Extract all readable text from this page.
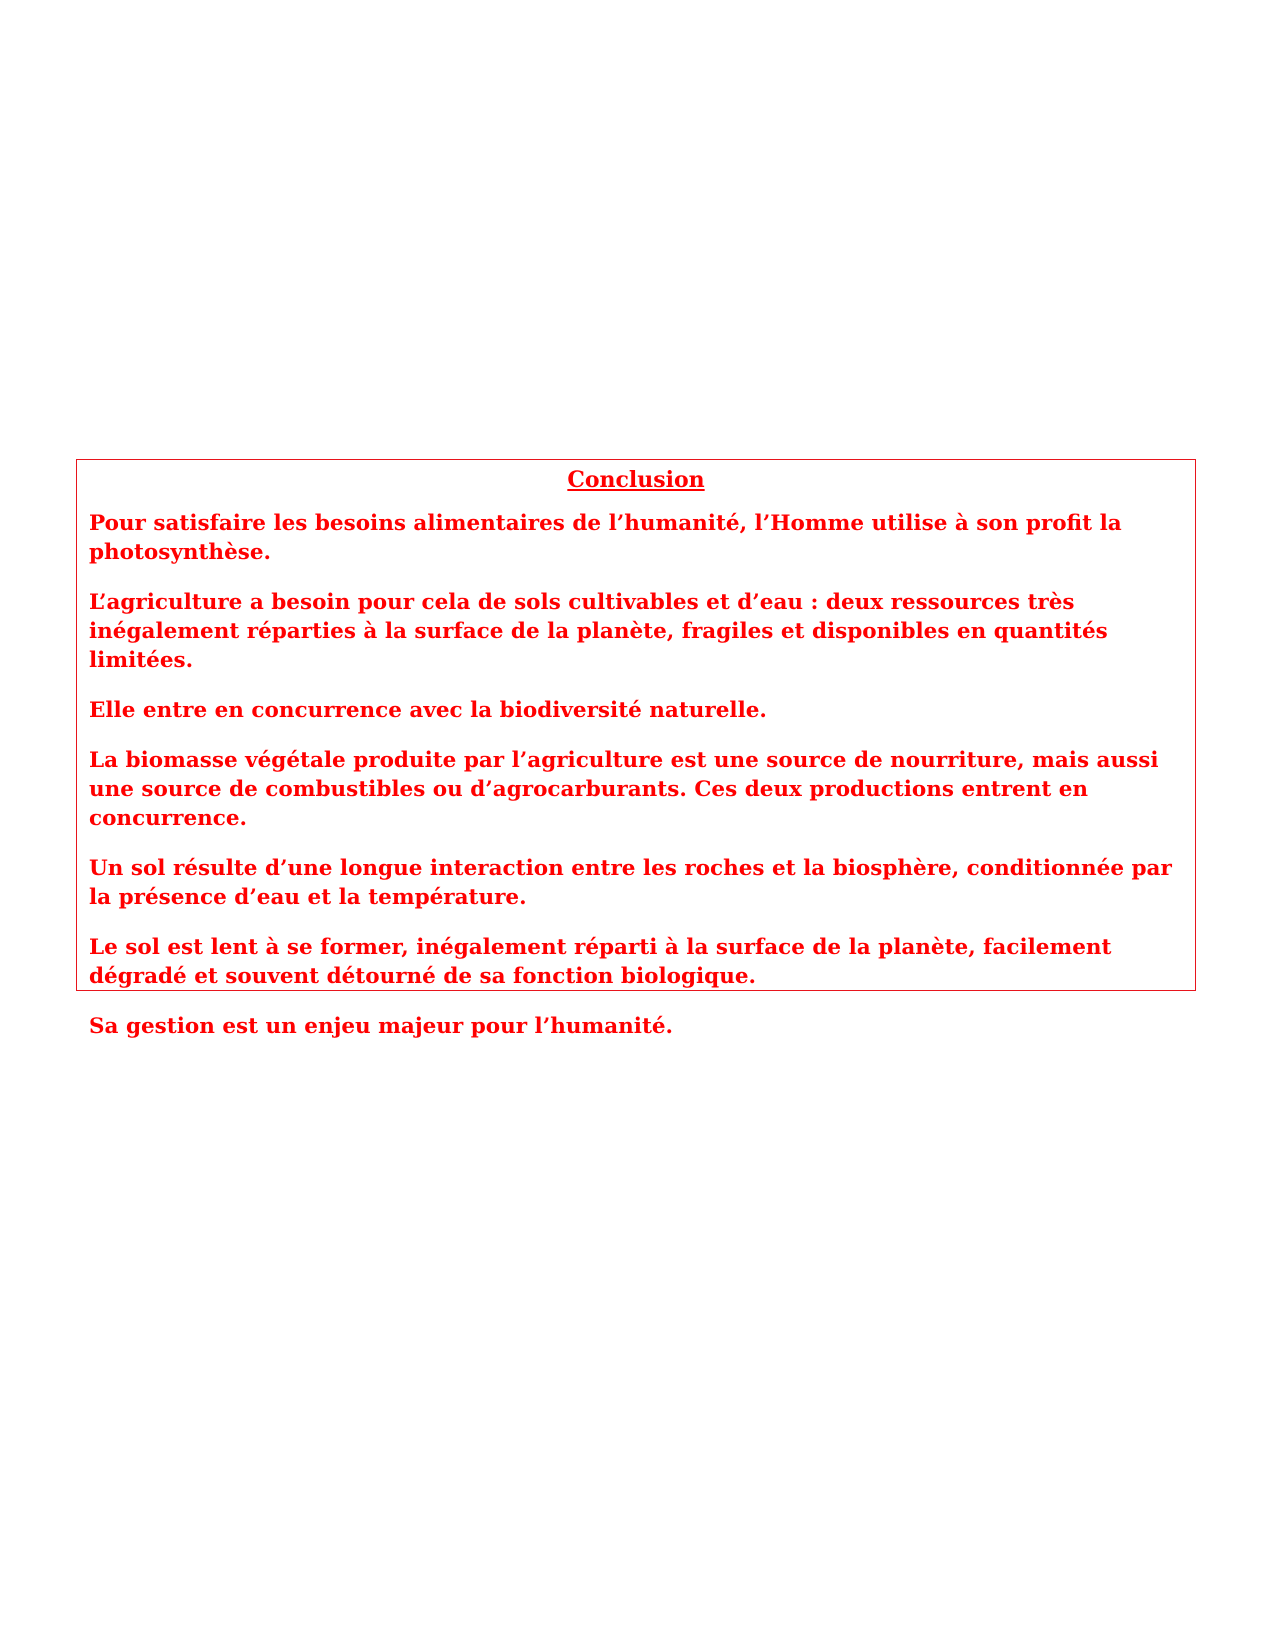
Conclusion

Pour satisfaire les besoins alimentaires de l’humanité, l’Homme utilise à son profit la photosynthèse.

L’agriculture a besoin pour cela de sols cultivables et d’eau : deux ressources très inégalement réparties à la surface de la planète, fragiles et disponibles en quantités limitées.

Elle entre en concurrence avec la biodiversité naturelle.

La biomasse végétale produite par l’agriculture est une source de nourriture, mais aussi une source de combustibles ou d’agrocarburants. Ces deux productions entrent en concurrence.

Un sol résulte d’une longue interaction entre les roches et la biosphère, conditionnée par la présence d’eau et la température.

Le sol est lent à se former, inégalement réparti à la surface de la planète, facilement dégradé et souvent détourné de sa fonction biologique.

Sa gestion est un enjeu majeur pour l’humanité.
